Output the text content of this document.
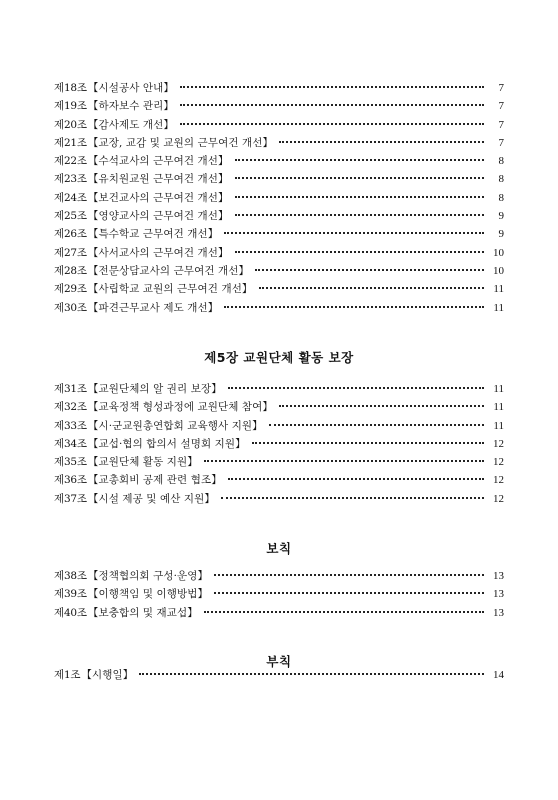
제18조 【시설공사 안내】	7
제19조 【하자보수 관리】	7
제20조 【감사제도 개선】	7
제21조 【교장, 교감 및 교원의 근무여건 개선】	7
제22조 【수석교사의 근무여건 개선】	8
제23조 【유치원교원 근무여건 개선】	8
제24조 【보건교사의 근무여건 개선】	8
제25조 【영양교사의 근무여건 개선】	9
제26조 【특수학교 근무여건 개선】	9
제27조 【사서교사의 근무여건 개선】	10
제28조 【전문상담교사의 근무여건 개선】	10
제29조 【사립학교 교원의 근무여건 개선】	11
제30조 【파견근무교사 제도 개선】	11
제5장 교원단체 활동 보장
제31조 【교원단체의 알 권리 보장】	11
제32조 【교육정책 형성과정에 교원단체 참여】	11
제33조 【시·군교원총연합회 교육행사 지원】	11
제34조 【교섭·협의 합의서 설명회 지원】	12
제35조 【교원단체 활동 지원】	12
제36조 【교총회비 공제 관련 협조】	12
제37조 【시설 제공 및 예산 지원】	12
보칙
제38조 【정책협의회 구성·운영】	13
제39조 【이행책임 및 이행방법】	13
제40조 【보충합의 및 재교섭】	13
부칙
제1조 【시행일】	14
